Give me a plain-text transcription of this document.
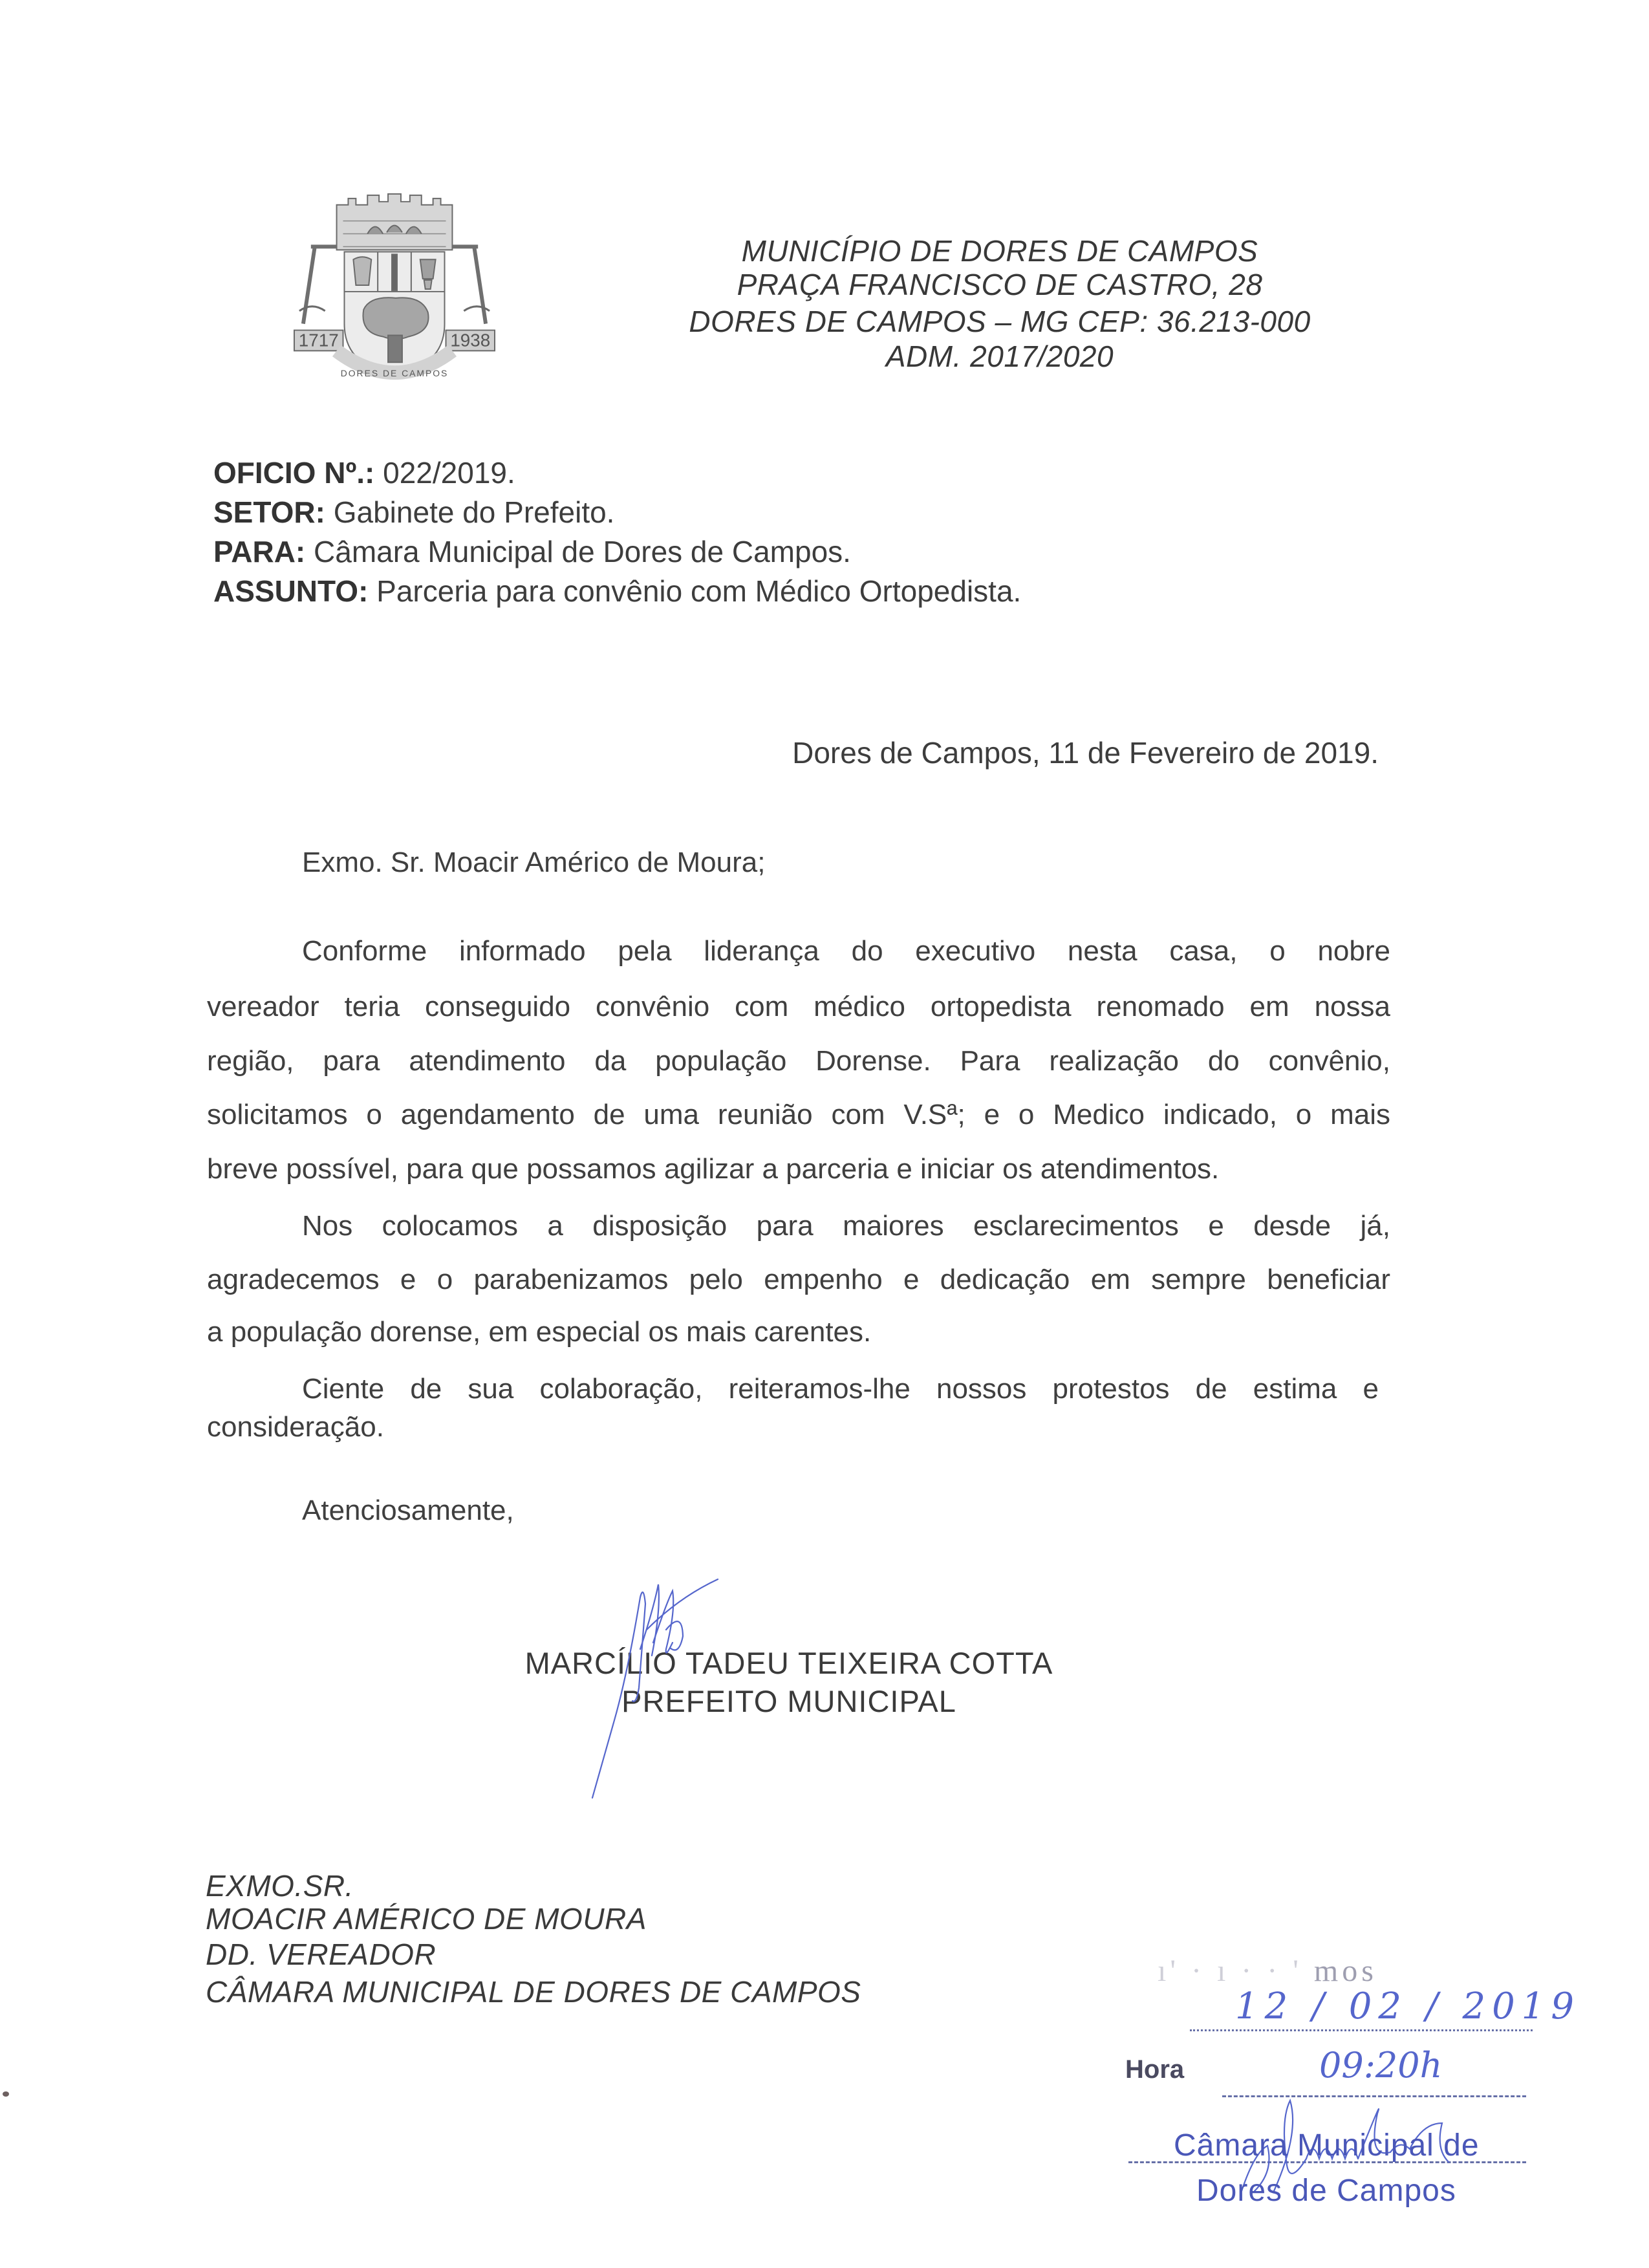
1717	1938
DORES DE CAMPOS
MUNICÍPIO DE DORES DE CAMPOS
PRAÇA FRANCISCO DE CASTRO, 28
DORES DE CAMPOS – MG CEP: 36.213-000
ADM. 2017/2020
OFICIO Nº.: 022/2019.
SETOR: Gabinete do Prefeito.
PARA: Câmara Municipal de Dores de Campos.
ASSUNTO: Parceria para convênio com Médico Ortopedista.
Dores de Campos, 11 de Fevereiro de 2019.
Exmo. Sr. Moacir Américo de Moura;
Conforme informado pela liderança do executivo nesta casa, o nobre
vereador teria conseguido convênio com médico ortopedista renomado em nossa
região, para atendimento da população Dorense. Para realização do convênio,
solicitamos o agendamento de uma reunião com V.Sª; e o Medico indicado, o mais
breve possível, para que possamos agilizar a parceria e iniciar os atendimentos.
Nos colocamos a disposição para maiores esclarecimentos e desde já,
agradecemos e o parabenizamos pelo empenho e dedicação em sempre beneficiar
a população dorense, em especial os mais carentes.
Ciente de sua colaboração, reiteramos-lhe nossos protestos de estima e
consideração.
Atenciosamente,
MARCÍLIO TADEU TEIXEIRA COTTA
PREFEITO MUNICIPAL
EXMO.SR.
MOACIR AMÉRICO DE MOURA
DD. VEREADOR
CÂMARA MUNICIPAL DE DORES DE CAMPOS
ı' · ı · · ' mos
12 / 02 / 2019
Hora	09:20h
Câmara Municipal de
Dores de Campos
